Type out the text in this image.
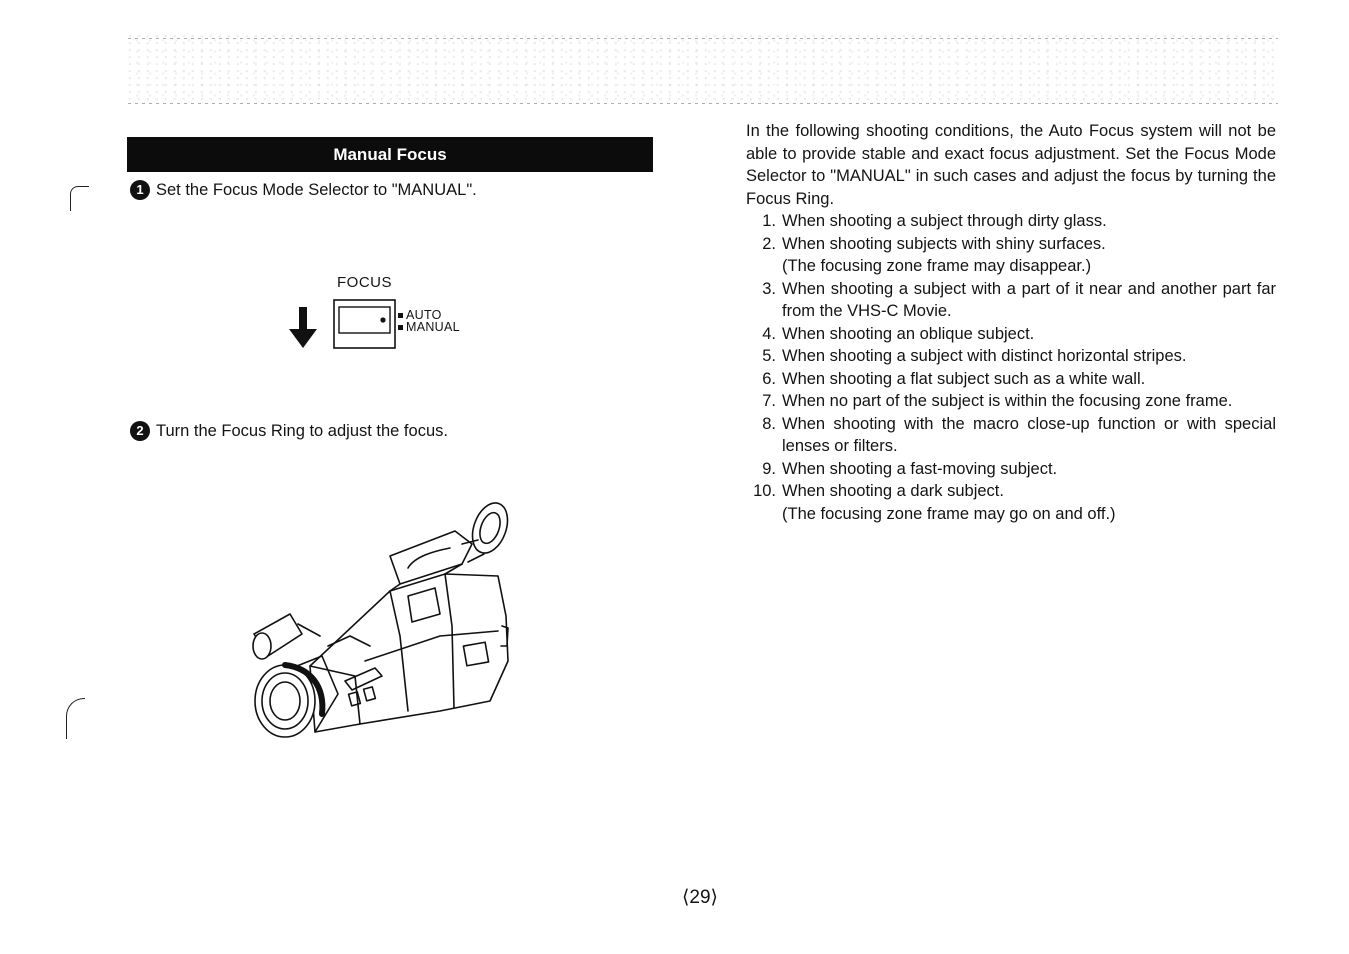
Manual Focus
1 Set the Focus Mode Selector to "MANUAL".
FOCUS
AUTO
MANUAL
2 Turn the Focus Ring to adjust the focus.

In the following shooting conditions, the Auto Focus system will not be able to provide stable and exact focus adjustment. Set the Focus Mode Selector to "MANUAL" in such cases and adjust the focus by turning the Focus Ring.

1. When shooting a subject through dirty glass.
2. When shooting subjects with shiny surfaces.
(The focusing zone frame may disappear.)
3. When shooting a subject with a part of it near and another part far from the VHS-C Movie.
4. When shooting an oblique subject.
5. When shooting a subject with distinct horizontal stripes.
6. When shooting a flat subject such as a white wall.
7. When no part of the subject is within the focusing zone frame.
8. When shooting with the macro close-up function or with special lenses or filters.
9. When shooting a fast-moving subject.
10. When shooting a dark subject.
(The focusing zone frame may go on and off.)
⟨29⟩
